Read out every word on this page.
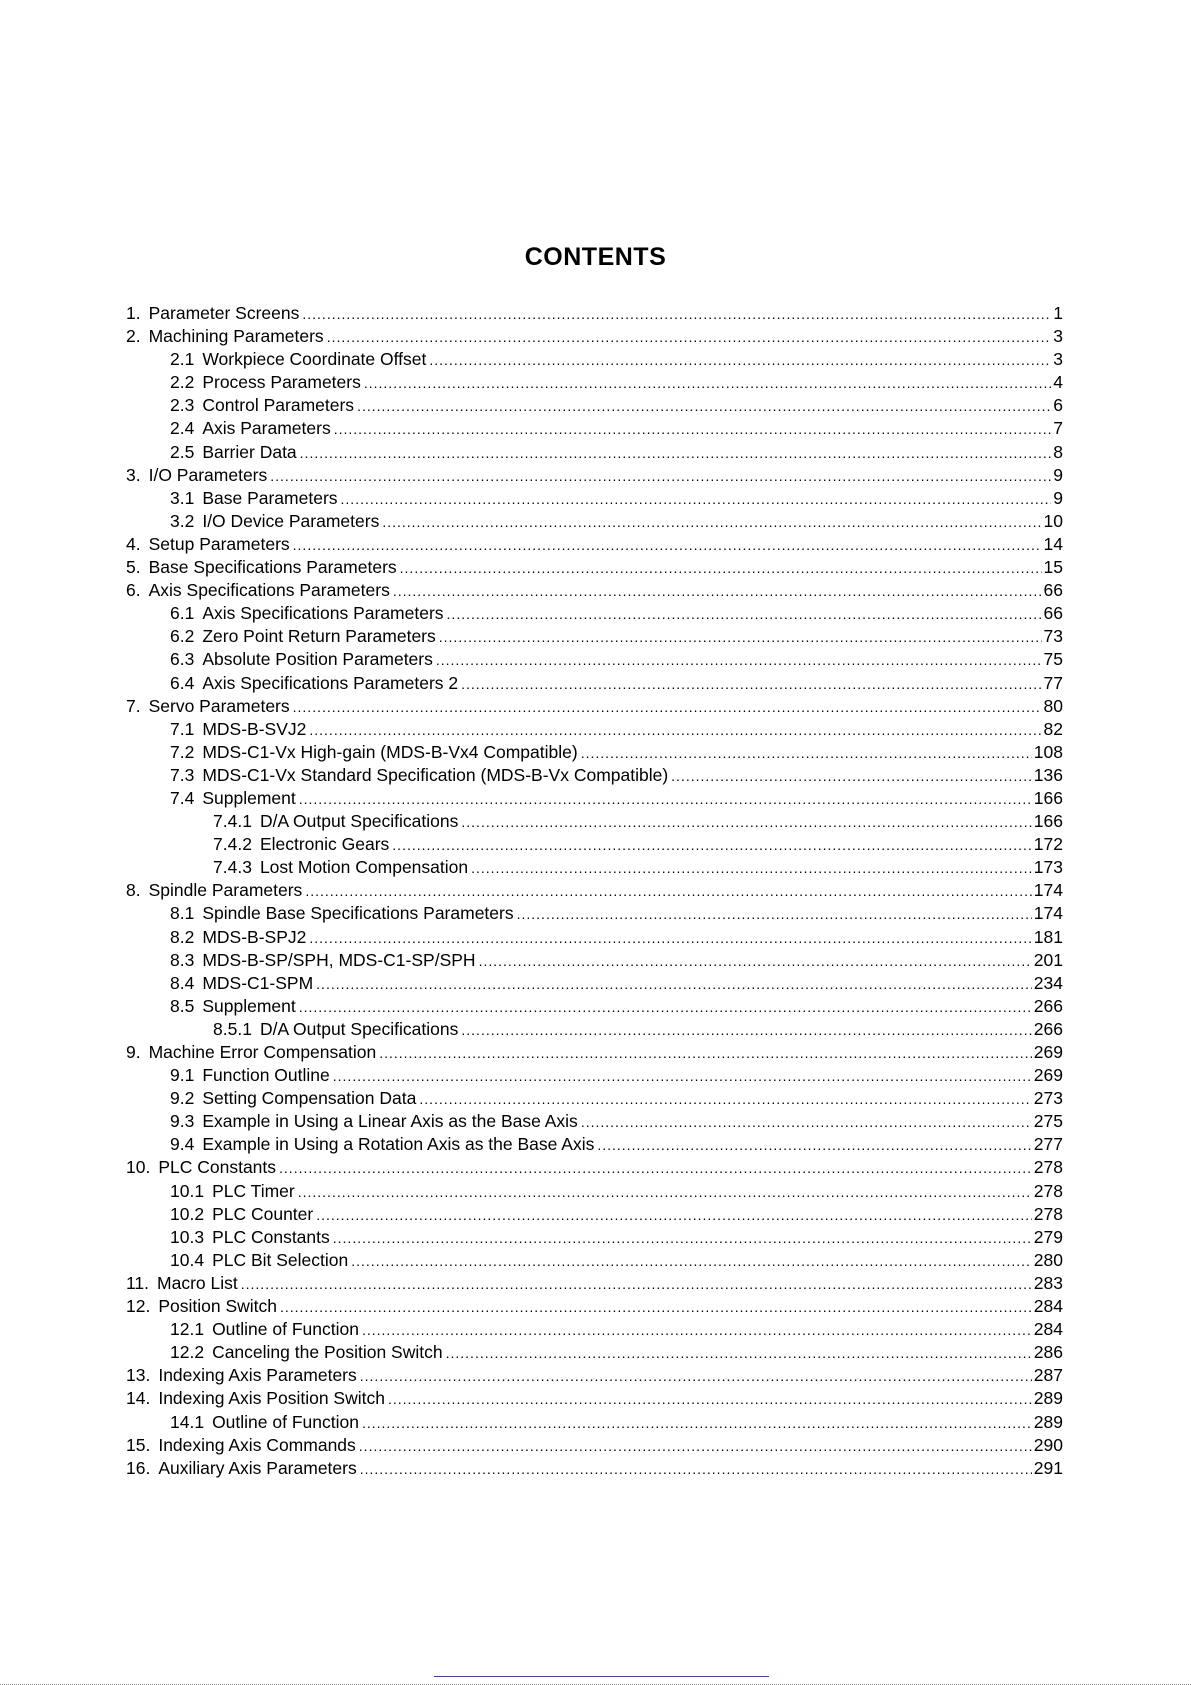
CONTENTS
1. Parameter Screens .....	1
2. Machining Parameters .....	3
2.1 Workpiece Coordinate Offset .....	3
2.2 Process Parameters .....	4
2.3 Control Parameters .....	6
2.4 Axis Parameters .....	7
2.5 Barrier Data .....	8
3. I/O Parameters .....	9
3.1 Base Parameters .....	9
3.2 I/O Device Parameters .....	10
4. Setup Parameters .....	14
5. Base Specifications Parameters .....	15
6. Axis Specifications Parameters .....	66
6.1 Axis Specifications Parameters .....	66
6.2 Zero Point Return Parameters .....	73
6.3 Absolute Position Parameters .....	75
6.4 Axis Specifications Parameters 2 .....	77
7. Servo Parameters .....	80
7.1 MDS-B-SVJ2 .....	82
7.2 MDS-C1-Vx High-gain (MDS-B-Vx4 Compatible) .....	108
7.3 MDS-C1-Vx Standard Specification (MDS-B-Vx Compatible) .....	136
7.4 Supplement .....	166
7.4.1 D/A Output Specifications .....	166
7.4.2 Electronic Gears .....	172
7.4.3 Lost Motion Compensation .....	173
8. Spindle Parameters .....	174
8.1 Spindle Base Specifications Parameters .....	174
8.2 MDS-B-SPJ2 .....	181
8.3 MDS-B-SP/SPH, MDS-C1-SP/SPH .....	201
8.4 MDS-C1-SPM .....	234
8.5 Supplement .....	266
8.5.1 D/A Output Specifications .....	266
9. Machine Error Compensation .....	269
9.1 Function Outline .....	269
9.2 Setting Compensation Data .....	273
9.3 Example in Using a Linear Axis as the Base Axis .....	275
9.4 Example in Using a Rotation Axis as the Base Axis .....	277
10. PLC Constants .....	278
10.1 PLC Timer .....	278
10.2 PLC Counter .....	278
10.3 PLC Constants .....	279
10.4 PLC Bit Selection .....	280
11. Macro List .....	283
12. Position Switch .....	284
12.1 Outline of Function .....	284
12.2 Canceling the Position Switch .....	286
13. Indexing Axis Parameters .....	287
14. Indexing Axis Position Switch .....	289
14.1 Outline of Function .....	289
15. Indexing Axis Commands .....	290
16. Auxiliary Axis Parameters .....	291
